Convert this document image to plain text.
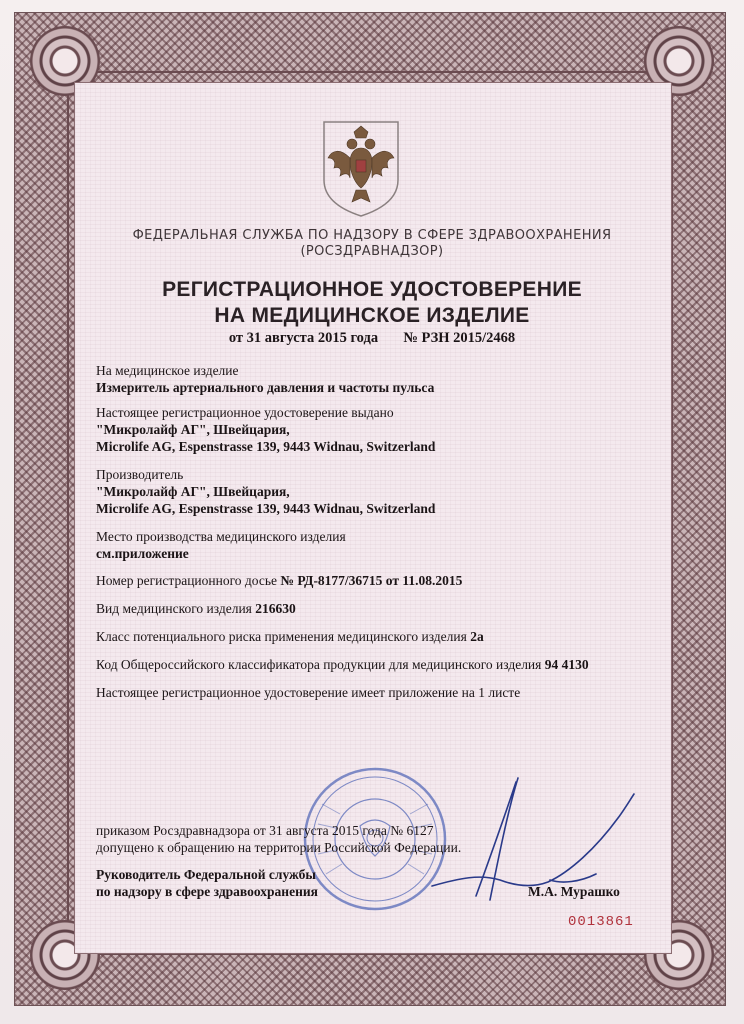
ФЕДЕРАЛЬНАЯ СЛУЖБА ПО НАДЗОРУ В СФЕРЕ ЗДРАВООХРАНЕНИЯ
(РОСЗДРАВНАДЗОР)
РЕГИСТРАЦИОННОЕ УДОСТОВЕРЕНИЕ
НА МЕДИЦИНСКОЕ ИЗДЕЛИЕ
от 31 августа 2015 года № РЗН 2015/2468
На медицинское изделие
Измеритель артериального давления и частоты пульса
Настоящее регистрационное удостоверение выдано
"Микролайф АГ", Швейцария,
Microlife AG, Espenstrasse 139, 9443 Widnau, Switzerland
Производитель
"Микролайф АГ", Швейцария,
Microlife AG, Espenstrasse 139, 9443 Widnau, Switzerland
Место производства медицинского изделия
см.приложение
Номер регистрационного досье № РД-8177/36715 от 11.08.2015
Вид медицинского изделия 216630
Класс потенциального риска применения медицинского изделия 2а
Код Общероссийского классификатора продукции для медицинского изделия 94 4130
Настоящее регистрационное удостоверение имеет приложение на 1 листе
приказом Росздравнадзора от 31 августа 2015 года № 6127
допущено к обращению на территории Российской Федерации.
Руководитель Федеральной службы
по надзору в сфере здравоохранения	М.А. Мурашко
0013861
